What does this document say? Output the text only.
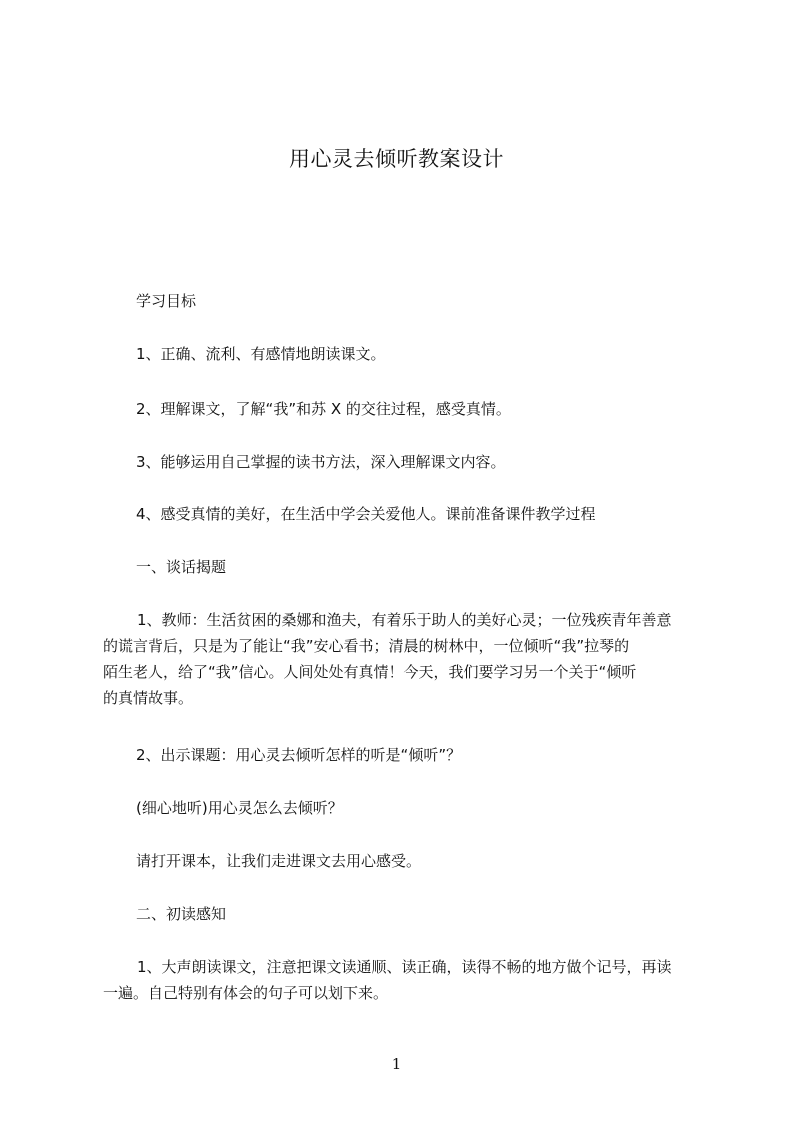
用心灵去倾听教案设计
学习目标
1、正确、流利、有感情地朗读课文。
2、理解课文，了解“我”和苏 X 的交往过程，感受真情。
3、能够运用自己掌握的读书方法，深入理解课文内容。
4、感受真情的美好，在生活中学会关爱他人。课前准备课件教学过程
一、谈话揭题
1、教师：生活贫困的桑娜和渔夫，有着乐于助人的美好心灵；一位残疾青年善意
的谎言背后，只是为了能让“我”安心看书；清晨的树林中，一位倾听“我”拉琴的
陌生老人，给了“我”信心。人间处处有真情！今天，我们要学习另一个关于“倾听
的真情故事。
2、出示课题：用心灵去倾听怎样的听是“倾听”？
(细心地听)用心灵怎么去倾听？
请打开课本，让我们走进课文去用心感受。
二、初读感知
1、大声朗读课文，注意把课文读通顺、读正确，读得不畅的地方做个记号，再读
一遍。自己特别有体会的句子可以划下来。
1
